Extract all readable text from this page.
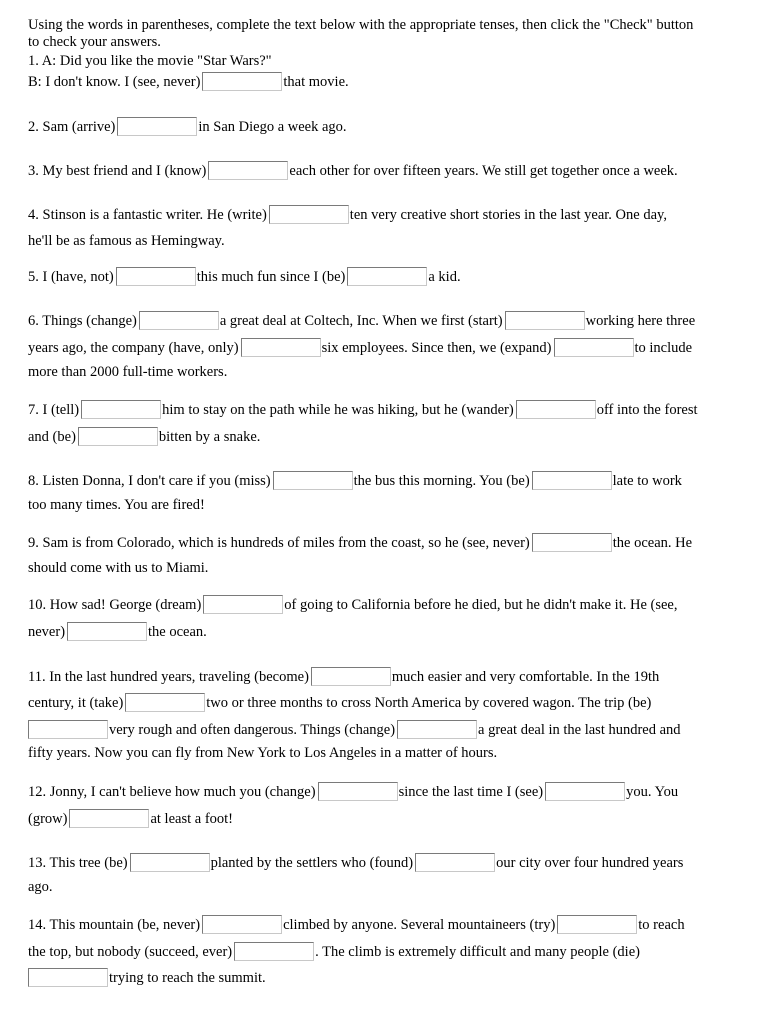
Using the words in parentheses, complete the text below with the appropriate tenses, then click the "Check" button
to check your answers.
1. A: Did you like the movie "Star Wars?"
B: I don't know. I (see, never)	that movie.
2. Sam (arrive)	in San Diego a week ago.
3. My best friend and I (know)	each other for over fifteen years. We still get together once a week.
4. Stinson is a fantastic writer. He (write)	ten very creative short stories in the last year. One day,
he'll be as famous as Hemingway.
5. I (have, not)	this much fun since I (be)	a kid.
6. Things (change)	a great deal at Coltech, Inc. When we first (start)	working here three
years ago, the company (have, only)	six employees. Since then, we (expand)	to include
more than 2000 full-time workers.
7. I (tell)	him to stay on the path while he was hiking, but he (wander)	off into the forest
and (be)	bitten by a snake.
8. Listen Donna, I don't care if you (miss)	the bus this morning. You (be)	late to work
too many times. You are fired!
9. Sam is from Colorado, which is hundreds of miles from the coast, so he (see, never)	the ocean. He
should come with us to Miami.
10. How sad! George (dream)	of going to California before he died, but he didn't make it. He (see,
never)	the ocean.
11. In the last hundred years, traveling (become)	much easier and very comfortable. In the 19th
century, it (take)	two or three months to cross North America by covered wagon. The trip (be)
very rough and often dangerous. Things (change)	a great deal in the last hundred and
fifty years. Now you can fly from New York to Los Angeles in a matter of hours.
12. Jonny, I can't believe how much you (change)	since the last time I (see)	you. You
(grow)	at least a foot!
13. This tree (be)	planted by the settlers who (found)	our city over four hundred years
ago.
14. This mountain (be, never)	climbed by anyone. Several mountaineers (try)	to reach
the top, but nobody (succeed, ever)	. The climb is extremely difficult and many people (die)
trying to reach the summit.
